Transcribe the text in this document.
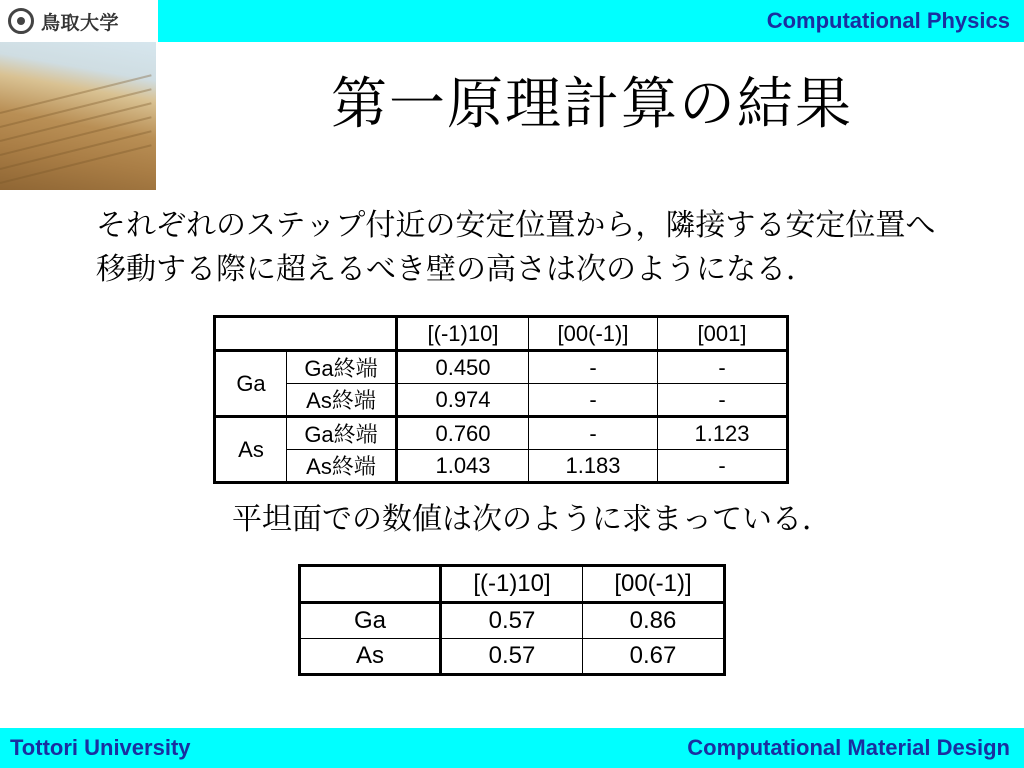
鳥取大学	Computational Physics
第一原理計算の結果
それぞれのステップ付近の安定位置から，隣接する安定位置へ移動する際に超えるべき壁の高さは次のようになる．
		[(-1)10]	[00(-1)]	[001]
Ga	Ga終端	0.450	-	-
	As終端	0.974	-	-
As	Ga終端	0.760	-	1.123
	As終端	1.043	1.183	-
平坦面での数値は次のように求まっている．
	[(-1)10]	[00(-1)]
Ga	0.57	0.86
As	0.57	0.67
Tottori University	Computational Material Design
